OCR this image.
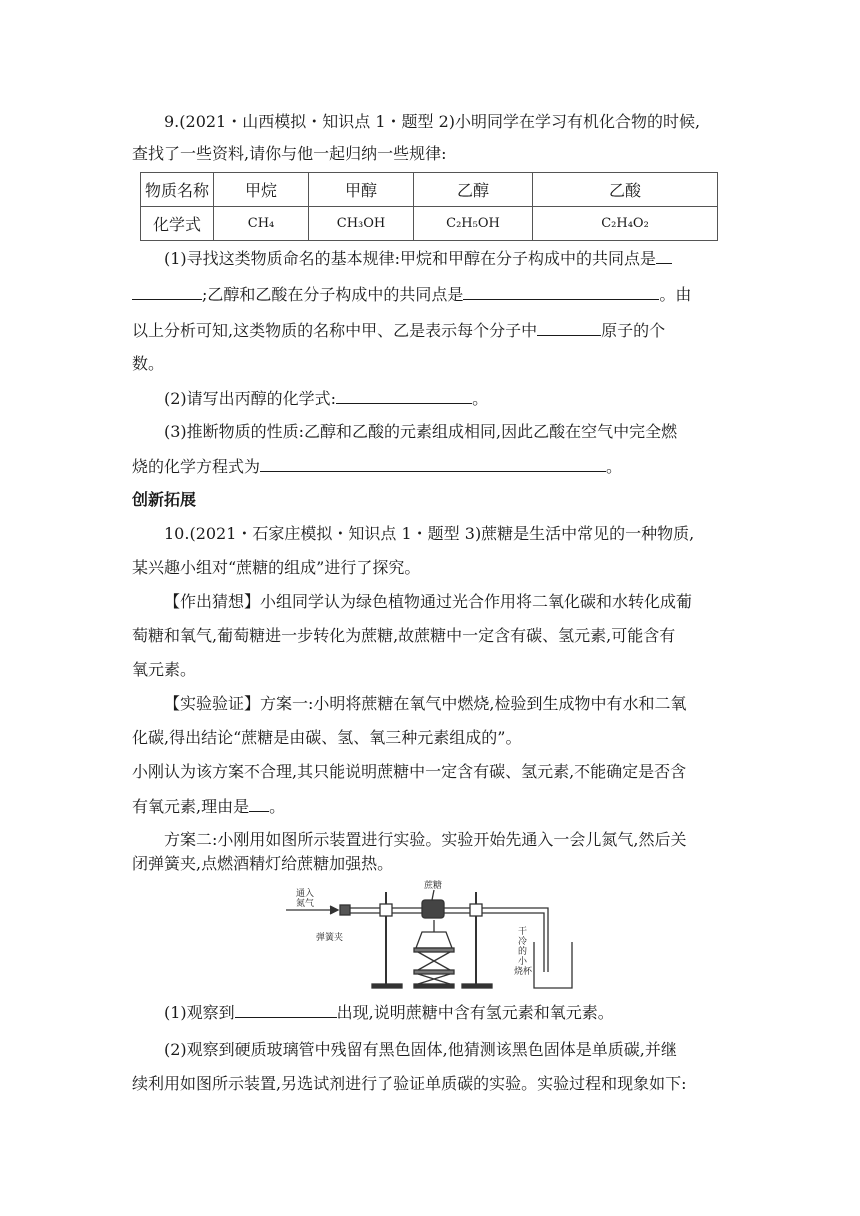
9.(2021・山西模拟・知识点 1・题型 2)小明同学在学习有机化合物的时候,
查找了一些资料,请你与他一起归纳一些规律:
物质名称	甲烷	甲醇	乙醇	乙酸
化学式	CH₄	CH₃OH	C₂H₅OH	C₂H₄O₂
(1)寻找这类物质命名的基本规律:甲烷和甲醇在分子构成中的共同点是
;乙醇和乙酸在分子构成中的共同点是	。由
以上分析可知,这类物质的名称中甲、乙是表示每个分子中	原子的个
数。
(2)请写出丙醇的化学式:	。
(3)推断物质的性质:乙醇和乙酸的元素组成相同,因此乙酸在空气中完全燃
烧的化学方程式为	。
创新拓展
10.(2021・石家庄模拟・知识点 1・题型 3)蔗糖是生活中常见的一种物质,
某兴趣小组对“蔗糖的组成”进行了探究。
【作出猜想】小组同学认为绿色植物通过光合作用将二氧化碳和水转化成葡
萄糖和氧气,葡萄糖进一步转化为蔗糖,故蔗糖中一定含有碳、氢元素,可能含有
氧元素。
【实验验证】方案一:小明将蔗糖在氧气中燃烧,检验到生成物中有水和二氧
化碳,得出结论“蔗糖是由碳、氢、氧三种元素组成的”。
小刚认为该方案不合理,其只能说明蔗糖中一定含有碳、氢元素,不能确定是否含
有氧元素,理由是 。
方案二:小刚用如图所示装置进行实验。实验开始先通入一会儿氮气,然后关
闭弹簧夹,点燃酒精灯给蔗糖加强热。
通入
氮气
弹簧夹
蔗糖
干
冷
的
小
烧杯
(1)观察到	出现,说明蔗糖中含有氢元素和氧元素。
(2)观察到硬质玻璃管中残留有黑色固体,他猜测该黑色固体是单质碳,并继
续利用如图所示装置,另选试剂进行了验证单质碳的实验。实验过程和现象如下:
